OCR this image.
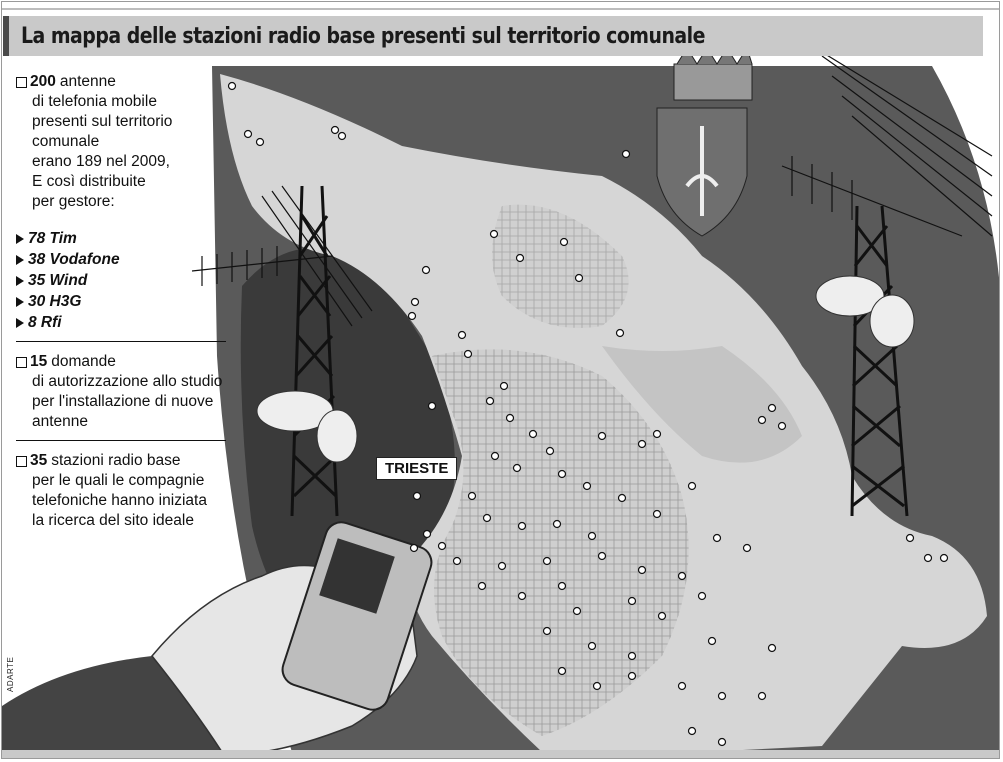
La mappa delle stazioni radio base presenti sul territorio comunale
200 antenne
di telefonia mobile
presenti sul territorio
comunale
erano 189 nel 2009,
E così distribuite
per gestore:
78 Tim
38 Vodafone
35 Wind
30 H3G
8 Rfi
15 domande
di autorizzazione allo studio
per l'installazione di nuove
antenne
35 stazioni radio base
per le quali le compagnie
telefoniche hanno iniziata
la ricerca del sito ideale
TRIESTE
ADARTE
